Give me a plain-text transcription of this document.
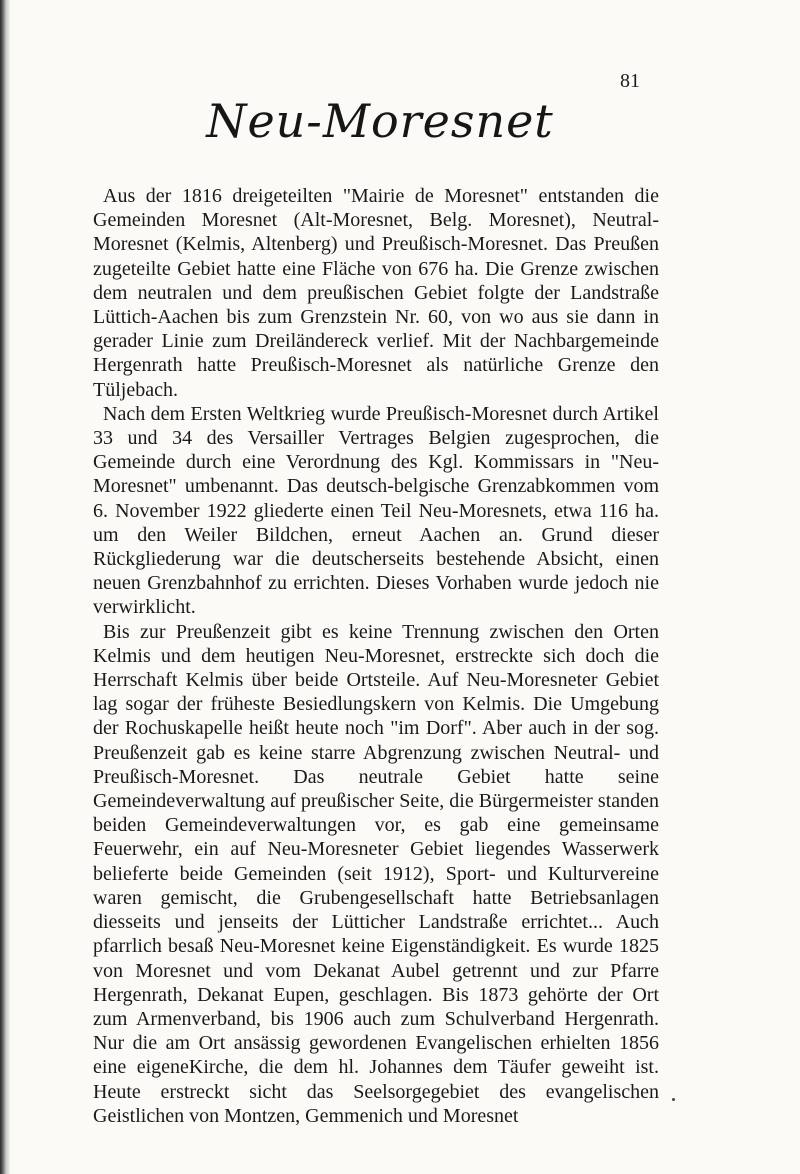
81
Neu-Moresnet

Aus der 1816 dreigeteilten "Mairie de Moresnet" entstanden die Gemeinden Moresnet (Alt-Moresnet, Belg. Moresnet), Neutral-Moresnet (Kelmis, Altenberg) und Preußisch-Moresnet. Das Preußen zugeteilte Gebiet hatte eine Fläche von 676 ha. Die Grenze zwischen dem neutralen und dem preußischen Gebiet folgte der Landstraße Lüttich-Aachen bis zum Grenzstein Nr. 60, von wo aus sie dann in gerader Linie zum Dreiländereck verlief. Mit der Nachbargemeinde Hergenrath hatte Preußisch-Moresnet als natürliche Grenze den Tüljebach.

Nach dem Ersten Weltkrieg wurde Preußisch-Moresnet durch Artikel 33 und 34 des Versailler Vertrages Belgien zugesprochen, die Gemeinde durch eine Verordnung des Kgl. Kommissars in "Neu-Moresnet" umbenannt. Das deutsch-belgische Grenzabkommen vom 6. November 1922 gliederte einen Teil Neu-Moresnets, etwa 116 ha. um den Weiler Bildchen, erneut Aachen an. Grund dieser Rückgliederung war die deutscherseits bestehende Absicht, einen neuen Grenzbahnhof zu errichten. Dieses Vorhaben wurde jedoch nie verwirklicht.

Bis zur Preußenzeit gibt es keine Trennung zwischen den Orten Kelmis und dem heutigen Neu-Moresnet, erstreckte sich doch die Herrschaft Kelmis über beide Ortsteile. Auf Neu-Moresneter Gebiet lag sogar der früheste Besiedlungskern von Kelmis. Die Umgebung der Rochuskapelle heißt heute noch "im Dorf". Aber auch in der sog. Preußenzeit gab es keine starre Abgrenzung zwischen Neutral- und Preußisch-Moresnet. Das neutrale Gebiet hatte seine Gemeindeverwaltung auf preußischer Seite, die Bürgermeister standen beiden Gemeindeverwaltungen vor, es gab eine gemeinsame Feuerwehr, ein auf Neu-Moresneter Gebiet liegendes Wasserwerk belieferte beide Gemeinden (seit 1912), Sport- und Kulturvereine waren gemischt, die Grubengesellschaft hatte Betriebsanlagen diesseits und jenseits der Lütticher Landstraße errichtet... Auch pfarrlich besaß Neu-Moresnet keine Eigenständigkeit. Es wurde 1825 von Moresnet und vom Dekanat Aubel getrennt und zur Pfarre Hergenrath, Dekanat Eupen, geschlagen. Bis 1873 gehörte der Ort zum Armenverband, bis 1906 auch zum Schulverband Hergenrath. Nur die am Ort ansässig gewordenen Evangelischen erhielten 1856 eine eigeneKirche, die dem hl. Johannes dem Täufer geweiht ist. Heute erstreckt sicht das Seelsorgegebiet des evangelischen Geistlichen von Montzen, Gemmenich und Moresnet
